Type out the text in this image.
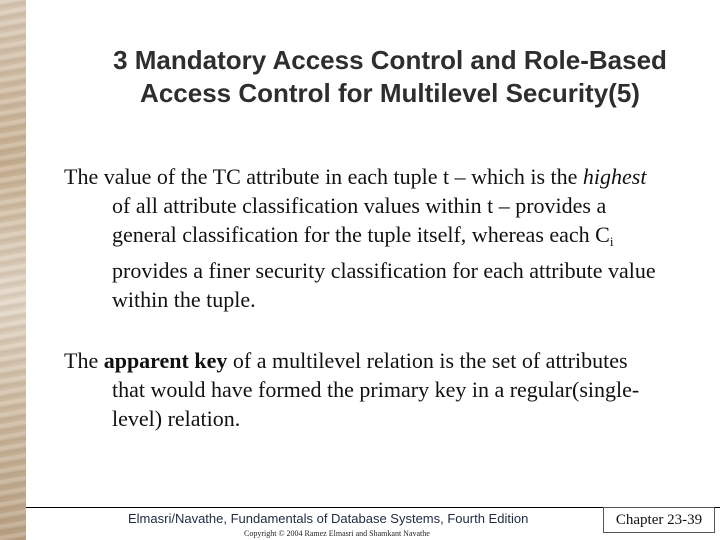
3 Mandatory Access Control and Role-Based Access Control for Multilevel Security(5)

The value of the TC attribute in each tuple t – which is the highest of all attribute classification values within t – provides a general classification for the tuple itself, whereas each $C_i$ provides a finer security classification for each attribute value within the tuple.

The apparent key of a multilevel relation is the set of attributes that would have formed the primary key in a regular(single-level) relation.

Elmasri/Navathe, Fundamentals of Database Systems, Fourth Edition
Copyright © 2004 Ramez Elmasri and Shamkant Navathe
Chapter 23-39
